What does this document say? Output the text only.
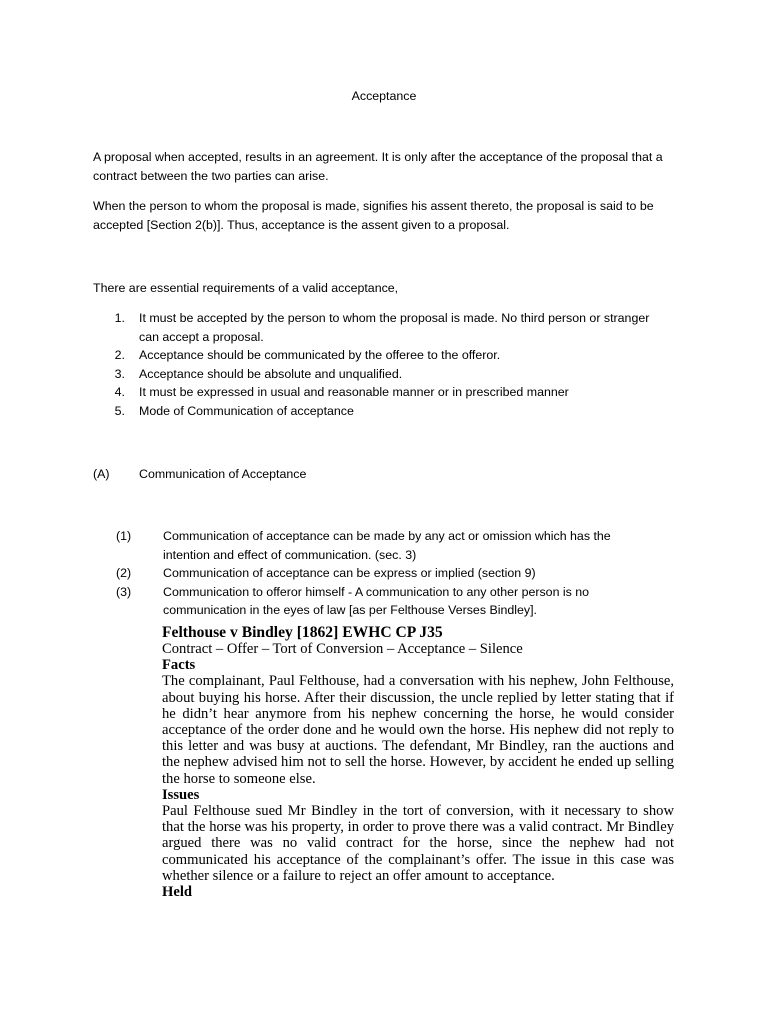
Acceptance
A proposal when accepted, results in an agreement. It is only after the acceptance of the proposal that a contract between the two parties can arise.
When the person to whom the proposal is made, signifies his assent thereto, the proposal is said to be accepted [Section 2(b)]. Thus, acceptance is the assent given to a proposal.
There are essential requirements of a valid acceptance,
1.	It must be accepted by the person to whom the proposal is made. No third person or stranger can accept a proposal.
2.	Acceptance should be communicated by the offeree to the offeror.
3.	Acceptance should be absolute and unqualified.
4.	It must be expressed in usual and reasonable manner or in prescribed manner
5.	Mode of Communication of acceptance
(A) Communication of Acceptance
(1)	Communication of acceptance can be made by any act or omission which has the intention and effect of communication. (sec. 3)
(2)	Communication of acceptance can be express or implied (section 9)
(3)	Communication to offeror himself - A communication to any other person is no communication in the eyes of law [as per Felthouse Verses Bindley].
Felthouse v Bindley [1862] EWHC CP J35
Contract – Offer – Tort of Conversion – Acceptance – Silence
Facts
The complainant, Paul Felthouse, had a conversation with his nephew, John Felthouse, about buying his horse. After their discussion, the uncle replied by letter stating that if he didn’t hear anymore from his nephew concerning the horse, he would consider acceptance of the order done and he would own the horse. His nephew did not reply to this letter and was busy at auctions. The defendant, Mr Bindley, ran the auctions and the nephew advised him not to sell the horse. However, by accident he ended up selling the horse to someone else.
Issues
Paul Felthouse sued Mr Bindley in the tort of conversion, with it necessary to show that the horse was his property, in order to prove there was a valid contract. Mr Bindley argued there was no valid contract for the horse, since the nephew had not communicated his acceptance of the complainant’s offer. The issue in this case was whether silence or a failure to reject an offer amount to acceptance.
Held
